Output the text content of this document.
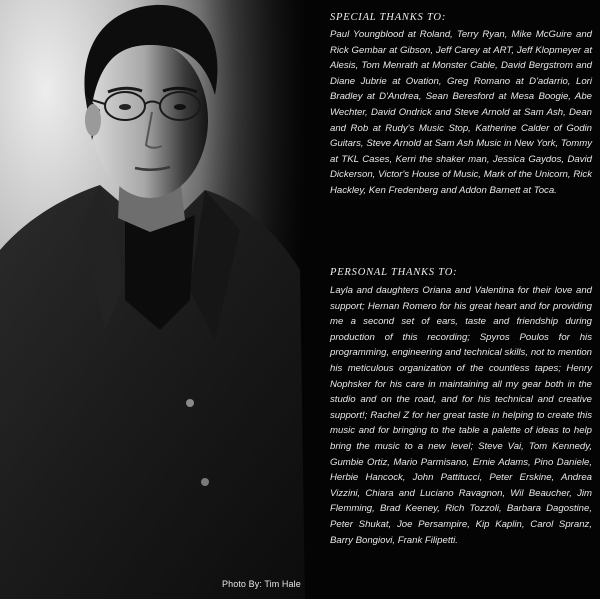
Photo By: Tim Hale
SPECIAL THANKS TO:

Paul Youngblood at Roland, Terry Ryan, Mike McGuire and Rick Gembar at Gibson, Jeff Carey at ART, Jeff Klopmeyer at Alesis, Tom Menrath at Monster Cable, David Bergstrom and Diane Jubrie at Ovation, Greg Romano at D'adarrio, Lori Bradley at D'Andrea, Sean Beresford at Mesa Boogie, Abe Wechter, David Ondrick and Steve Arnold at Sam Ash, Dean and Rob at Rudy's Music Stop, Katherine Calder of Godin Guitars, Steve Arnold at Sam Ash Music in New York, Tommy at TKL Cases, Kerri the shaker man, Jessica Gaydos, David Dickerson, Victor's House of Music, Mark of the Unicorn, Rick Hackley, Ken Fredenberg and Addon Barnett at Toca.

PERSONAL THANKS TO:

Layla and daughters Oriana and Valentina for their love and support; Hernan Romero for his great heart and for providing me a second set of ears, taste and friendship during production of this recording; Spyros Poulos for his programming, engineering and technical skills, not to mention his meticulous organization of the countless tapes; Henry Nophsker for his care in maintaining all my gear both in the studio and on the road, and for his technical and creative support!; Rachel Z for her great taste in helping to create this music and for bringing to the table a palette of ideas to help bring the music to a new level; Steve Vai, Tom Kennedy, Gumbie Ortiz, Mario Parmisano, Ernie Adams, Pino Daniele, Herbie Hancock, John Pattitucci, Peter Erskine, Andrea Vizzini, Chiara and Luciano Ravagnon, Wil Beaucher, Jim Flemming, Brad Keeney, Rich Tozzoli, Barbara Dagostine, Peter Shukat, Joe Persampire, Kip Kaplin, Carol Spranz, Barry Bongiovi, Frank Filipetti.
